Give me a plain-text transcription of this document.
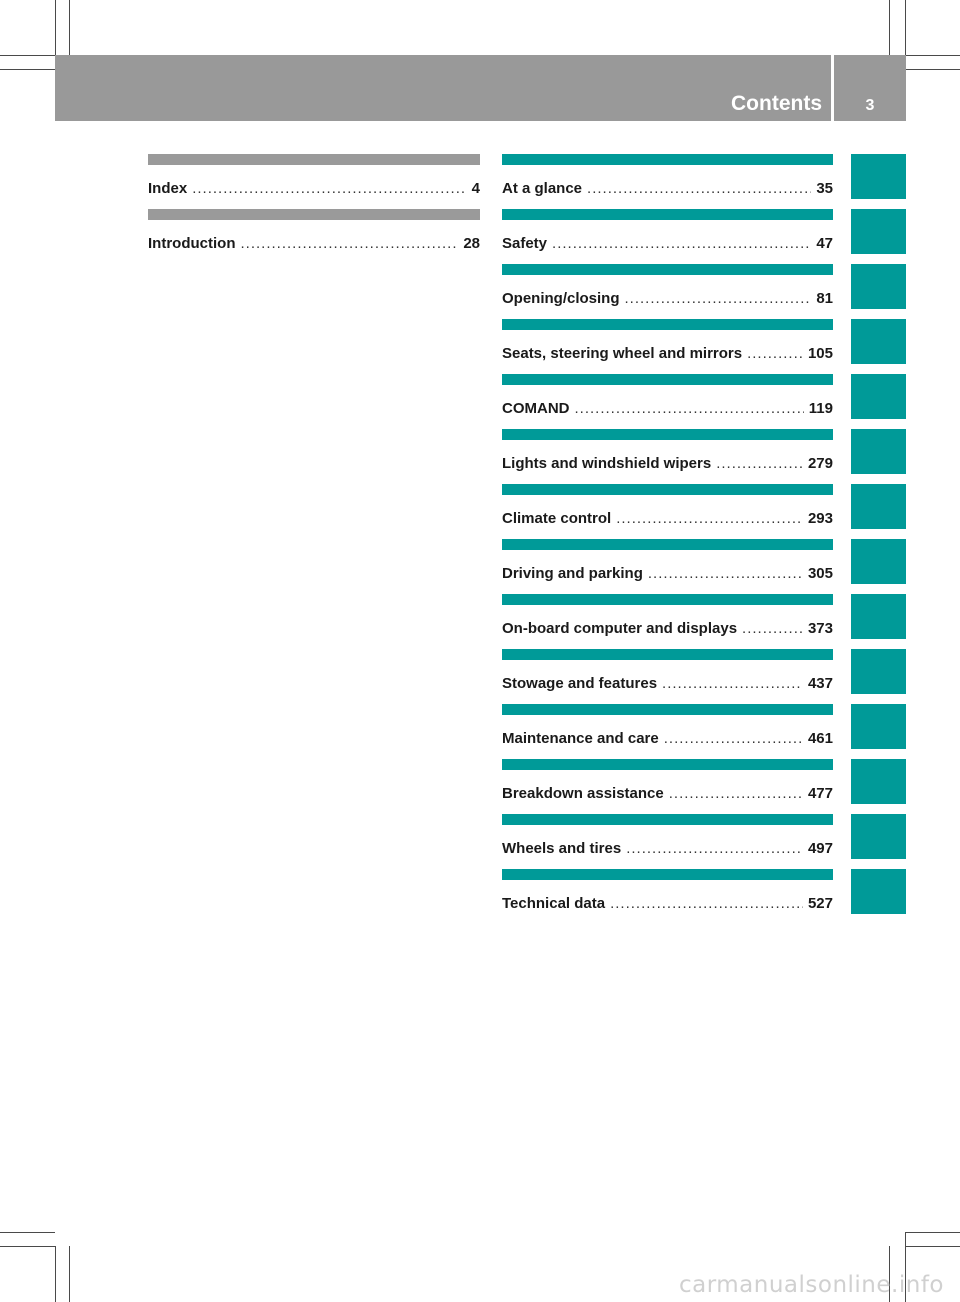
Contents	3
Index .....	4
Introduction .....	28
At a glance .....	35
Safety .....	47
Opening/closing .....	81
Seats, steering wheel and mirrors .....	105
COMAND .....	119
Lights and windshield wipers .....	279
Climate control .....	293
Driving and parking .....	305
On-board computer and displays .....	373
Stowage and features .....	437
Maintenance and care .....	461
Breakdown assistance .....	477
Wheels and tires .....	497
Technical data .....	527
carmanualsonline.info
